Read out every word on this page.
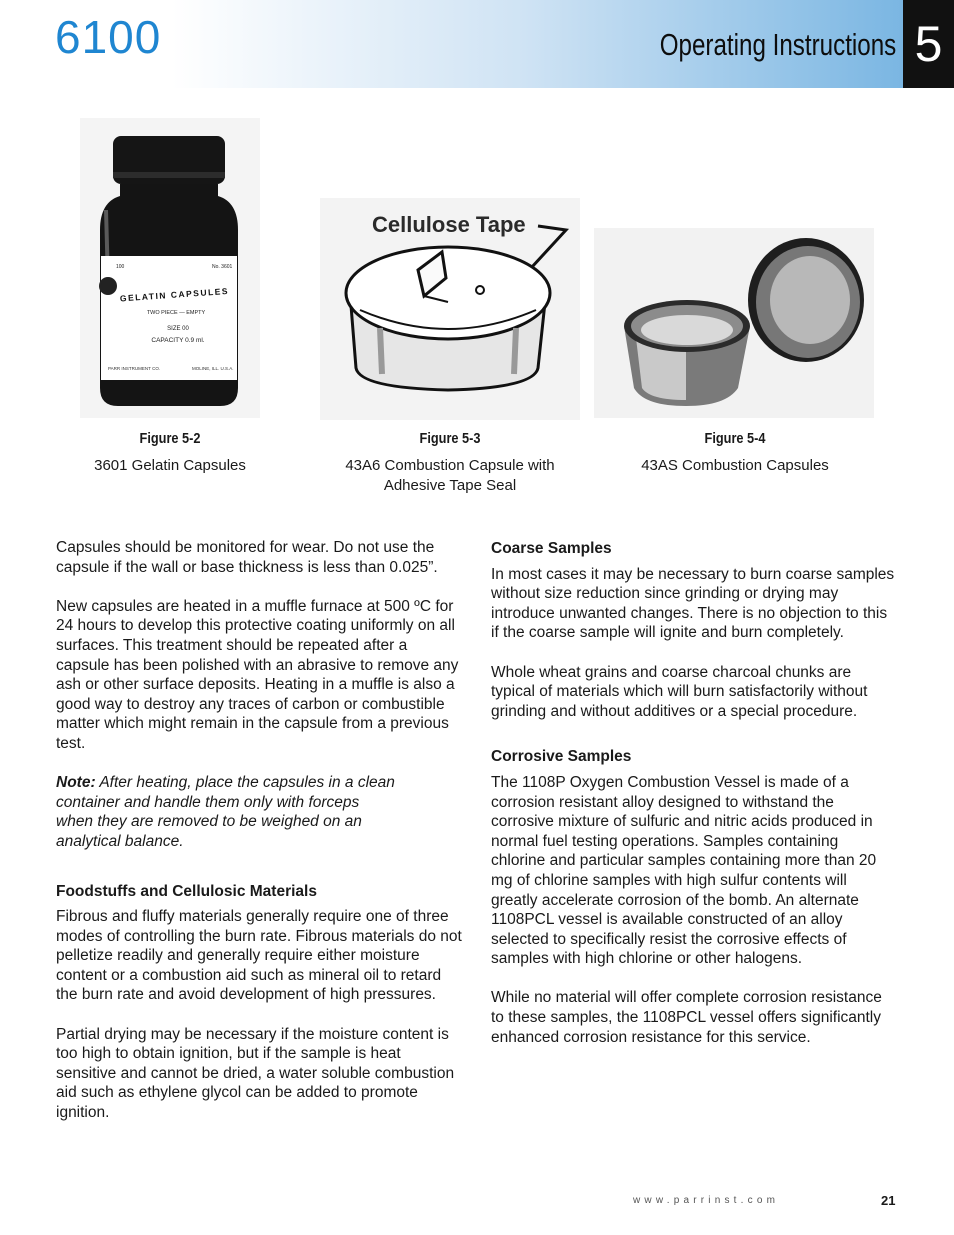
6100	Operating Instructions 5
100	No. 3601
GELATIN CAPSULES
TWO PIECE — EMPTY
SIZE 00
CAPACITY 0.9 ml.
PARR INSTRUMENT CO.	MOLINE, ILL. U.S.A.
Cellulose Tape
Figure 5-2
3601 Gelatin Capsules
Figure 5-3
43A6 Combustion Capsule with Adhesive Tape Seal
Figure 5-4
43AS Combustion Capsules

Capsules should be monitored for wear. Do not use the capsule if the wall or base thickness is less than 0.025”.

New capsules are heated in a muffle furnace at 500 ºC for 24 hours to develop this protective coating uniformly on all surfaces. This treatment should be repeated after a capsule has been polished with an abrasive to remove any ash or other surface deposits. Heating in a muffle is also a good way to destroy any traces of carbon or combustible matter which might remain in the capsule from a previous test.

Note: After heating, place the capsules in a clean container and handle them only with forceps when they are removed to be weighed on an analytical balance.

Foodstuffs and Cellulosic Materials

Fibrous and fluffy materials generally require one of three modes of controlling the burn rate. Fibrous materials do not pelletize readily and generally require either moisture content or a combustion aid such as mineral oil to retard the burn rate and avoid development of high pressures.

Partial drying may be necessary if the moisture content is too high to obtain ignition, but if the sample is heat sensitive and cannot be dried, a water soluble combustion aid such as ethylene glycol can be added to promote ignition.

Coarse Samples

In most cases it may be necessary to burn coarse samples without size reduction since grinding or drying may introduce unwanted changes. There is no objection to this if the coarse sample will ignite and burn completely.

Whole wheat grains and coarse charcoal chunks are typical of materials which will burn satisfactorily without grinding and without additives or a special procedure.

Corrosive Samples

The 1108P Oxygen Combustion Vessel is made of a corrosion resistant alloy designed to withstand the corrosive mixture of sulfuric and nitric acids produced in normal fuel testing operations. Samples containing chlorine and particular samples containing more than 20 mg of chlorine samples with high sulfur contents will greatly accelerate corrosion of the bomb. An alternate 1108PCL vessel is available constructed of an alloy selected to specifically resist the corrosive effects of samples with high chlorine or other halogens.

While no material will offer complete corrosion resistance to these samples, the 1108PCL vessel offers significantly enhanced corrosion resistance for this service.

www.parrinst.com	21
